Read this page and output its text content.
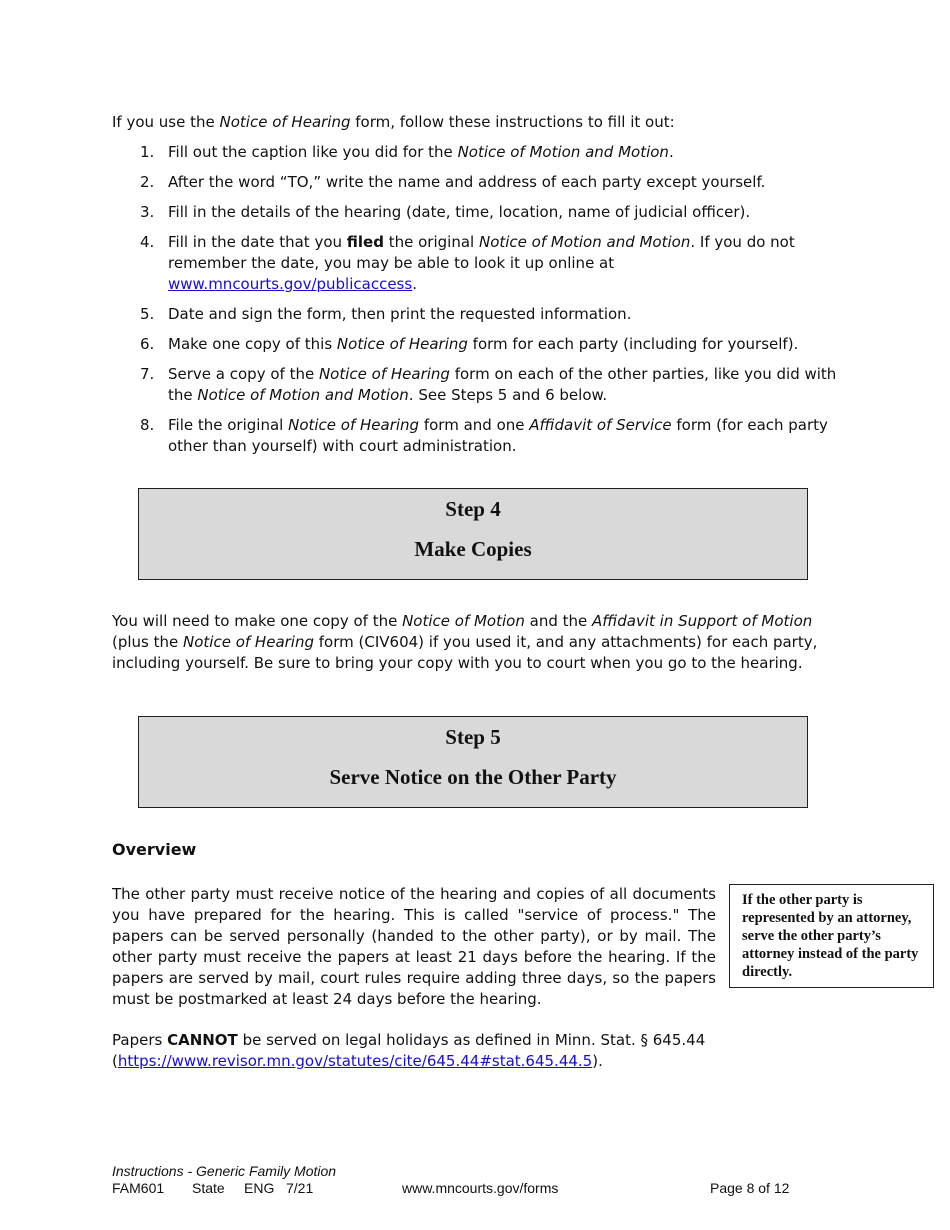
If you use the Notice of Hearing form, follow these instructions to fill it out:
1. Fill out the caption like you did for the Notice of Motion and Motion.
2. After the word “TO,” write the name and address of each party except yourself.
3. Fill in the details of the hearing (date, time, location, name of judicial officer).
4. Fill in the date that you filed the original Notice of Motion and Motion. If you do not remember the date, you may be able to look it up online at www.mncourts.gov/publicaccess.
5. Date and sign the form, then print the requested information.
6. Make one copy of this Notice of Hearing form for each party (including for yourself).
7. Serve a copy of the Notice of Hearing form on each of the other parties, like you did with the Notice of Motion and Motion. See Steps 5 and 6 below.
8. File the original Notice of Hearing form and one Affidavit of Service form (for each party other than yourself) with court administration.
Step 4
Make Copies
You will need to make one copy of the Notice of Motion and the Affidavit in Support of Motion (plus the Notice of Hearing form (CIV604) if you used it, and any attachments) for each party, including yourself. Be sure to bring your copy with you to court when you go to the hearing.
Step 5
Serve Notice on the Other Party
Overview
The other party must receive notice of the hearing and copies of all documents you have prepared for the hearing. This is called "service of process." The papers can be served personally (handed to the other party), or by mail. The other party must receive the papers at least 21 days before the hearing. If the papers are served by mail, court rules require adding three days, so the papers must be postmarked at least 24 days before the hearing.
If the other party is represented by an attorney, serve the other party’s attorney instead of the party directly.
Papers CANNOT be served on legal holidays as defined in Minn. Stat. § 645.44
(https://www.revisor.mn.gov/statutes/cite/645.44#stat.645.44.5).
Instructions - Generic Family Motion
FAM601 State ENG 7/21	www.mncourts.gov/forms	Page 8 of 12
